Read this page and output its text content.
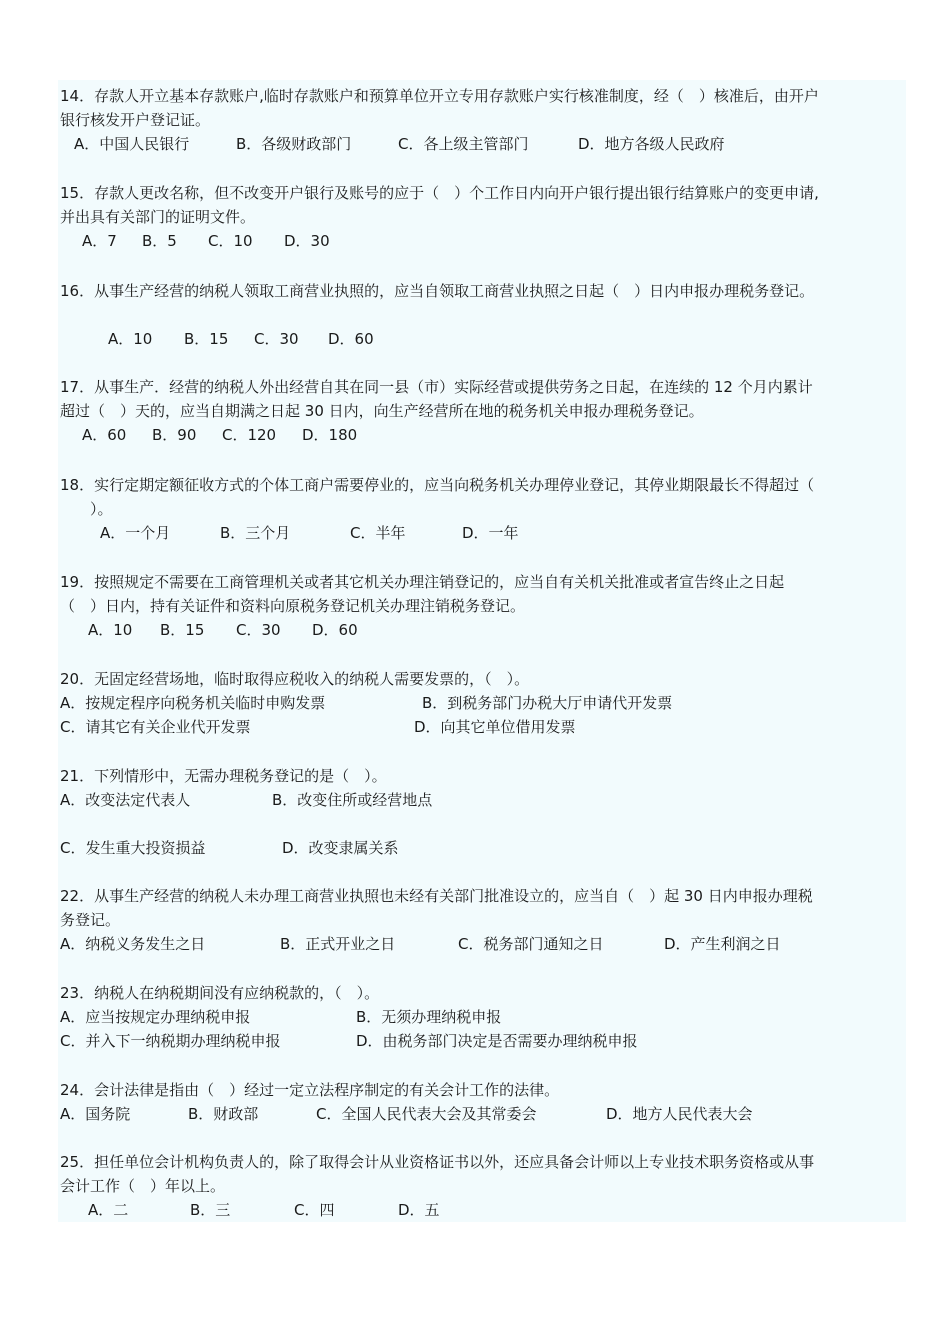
14．存款人开立基本存款账户,临时存款账户和预算单位开立专用存款账户实行核准制度，经（　）核准后，由开户
银行核发开户登记证。
A．中国人民银行	B．各级财政部门	C．各上级主管部门	D．地方各级人民政府
15．存款人更改名称，但不改变开户银行及账号的应于（　）个工作日内向开户银行提出银行结算账户的变更申请,
并出具有关部门的证明文件。
A．7 B．5 C．10 D．30
16．从事生产经营的纳税人领取工商营业执照的，应当自领取工商营业执照之日起（　）日内申报办理税务登记。
A．10 B．15 C．30 D．60
17．从事生产．经营的纳税人外出经营自其在同一县（市）实际经营或提供劳务之日起，在连续的 12 个月内累计
超过（　）天的，应当自期满之日起 30 日内，向生产经营所在地的税务机关申报办理税务登记。
A．60 B．90 C．120 D．180
18．实行定期定额征收方式的个体工商户需要停业的，应当向税务机关办理停业登记，其停业期限最长不得超过（
　　）。
A．一个月	B．三个月	C．半年	D．一年
19．按照规定不需要在工商管理机关或者其它机关办理注销登记的，应当自有关机关批准或者宣告终止之日起
（　）日内，持有关证件和资料向原税务登记机关办理注销税务登记。
A．10 B．15 C．30 D．60
20．无固定经营场地，临时取得应税收入的纳税人需要发票的，（　）。
A．按规定程序向税务机关临时申购发票	B．到税务部门办税大厅申请代开发票
C．请其它有关企业代开发票	D．向其它单位借用发票
21．下列情形中，无需办理税务登记的是（　）。
A．改变法定代表人	B．改变住所或经营地点
C．发生重大投资损益	D．改变隶属关系
22．从事生产经营的纳税人未办理工商营业执照也未经有关部门批准设立的，应当自（　）起 30 日内申报办理税
务登记。
A．纳税义务发生之日	B．正式开业之日	C．税务部门通知之日	D．产生利润之日
23．纳税人在纳税期间没有应纳税款的，（　）。
A．应当按规定办理纳税申报	B．无须办理纳税申报
C．并入下一纳税期办理纳税申报	D．由税务部门决定是否需要办理纳税申报
24．会计法律是指由（　）经过一定立法程序制定的有关会计工作的法律。
A．国务院	B．财政部	C．全国人民代表大会及其常委会	D．地方人民代表大会
25．担任单位会计机构负责人的，除了取得会计从业资格证书以外，还应具备会计师以上专业技术职务资格或从事
会计工作（　）年以上。
A．二	B．三	C．四	D．五
